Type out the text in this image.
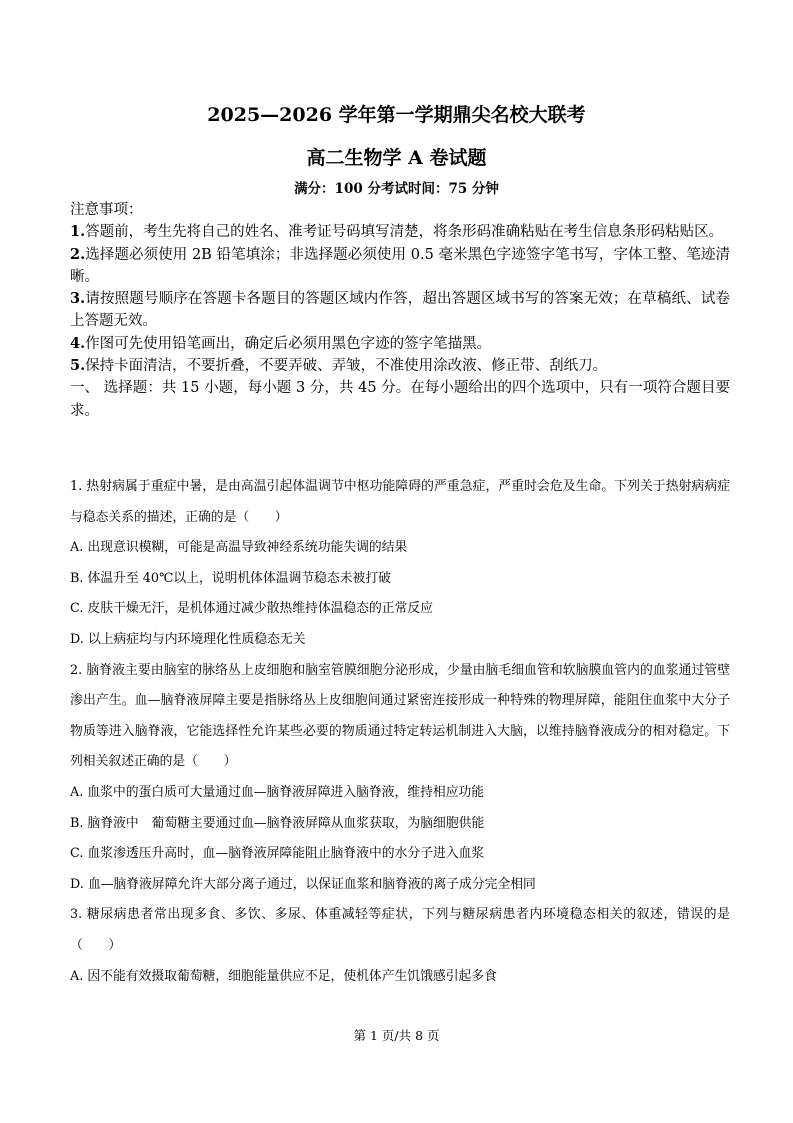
2025—2026 学年第一学期鼎尖名校大联考
高二生物学 A 卷试题
满分：100 分考试时间：75 分钟

注意事项：

1.答题前，考生先将自己的姓名、准考证号码填写清楚，将条形码准确粘贴在考生信息条形码粘贴区。

2.选择题必须使用 2B 铅笔填涂；非选择题必须使用 0.5 毫米黑色字迹签字笔书写，字体工整、笔迹清晰。

3.请按照题号顺序在答题卡各题目的答题区域内作答，超出答题区域书写的答案无效；在草稿纸、试卷上答题无效。

4.作图可先使用铅笔画出，确定后必须用黑色字迹的签字笔描黑。

5.保持卡面清洁，不要折叠，不要弄破、弄皱，不准使用涂改液、修正带、刮纸刀。

一、 选择题：共 15 小题，每小题 3 分，共 45 分。在每小题给出的四个选项中，只有一项符合题目要求。

1. 热射病属于重症中暑，是由高温引起体温调节中枢功能障碍的严重急症，严重时会危及生命。下列关于热射病病症与稳态关系的描述，正确的是（　　）

A. 出现意识模糊，可能是高温导致神经系统功能失调的结果

B. 体温升至 40℃以上，说明机体体温调节稳态未被打破

C. 皮肤干燥无汗，是机体通过减少散热维持体温稳态的正常反应

D. 以上病症均与内环境理化性质稳态无关

2. 脑脊液主要由脑室的脉络丛上皮细胞和脑室管膜细胞分泌形成，少量由脑毛细血管和软脑膜血管内的血浆通过管壁渗出产生。血—脑脊液屏障主要是指脉络丛上皮细胞间通过紧密连接形成一种特殊的物理屏障，能阻住血浆中大分子物质等进入脑脊液，它能选择性允许某些必要的物质通过特定转运机制进入大脑，以维持脑脊液成分的相对稳定。下列相关叙述正确的是（　　）

A. 血浆中的蛋白质可大量通过血—脑脊液屏障进入脑脊液，维持相应功能

B. 脑脊液中　葡萄糖主要通过血—脑脊液屏障从血浆获取，为脑细胞供能

C. 血浆渗透压升高时，血—脑脊液屏障能阻止脑脊液中的水分子进入血浆

D. 血—脑脊液屏障允许大部分离子通过，以保证血浆和脑脊液的离子成分完全相同

3. 糖尿病患者常出现多食、多饮、多尿、体重减轻等症状，下列与糖尿病患者内环境稳态相关的叙述，错误的是（　　）

A. 因不能有效摄取葡萄糖，细胞能量供应不足，使机体产生饥饿感引起多食

第 1 页/共 8 页
